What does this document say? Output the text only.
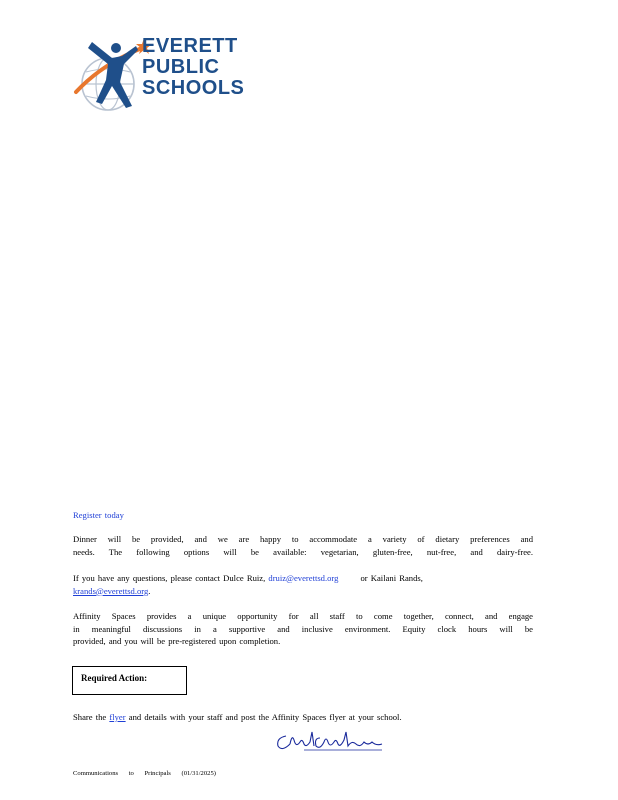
EVERETT
PUBLIC
SCHOOLS
Register today
Dinner will be provided, and we are happy to accommodate a variety of dietary preferences and
needs. The following options will be available: vegetarian, gluten-free, nut-free, and dairy-free.
If you have any questions, please contact Dulce Ruiz, druiz@everettsd.org	or Kailani Rands,
krands@everettsd.org.
Affinity Spaces provides a unique opportunity for all staff to come together, connect, and engage
in meaningful discussions in a supportive and inclusive environment. Equity clock hours will be
provided, and you will be pre-registered upon completion.
Required Action:
Share the flyer and details with your staff and post the Affinity Spaces flyer at your school.
Communications to Principals (01/31/2025)
